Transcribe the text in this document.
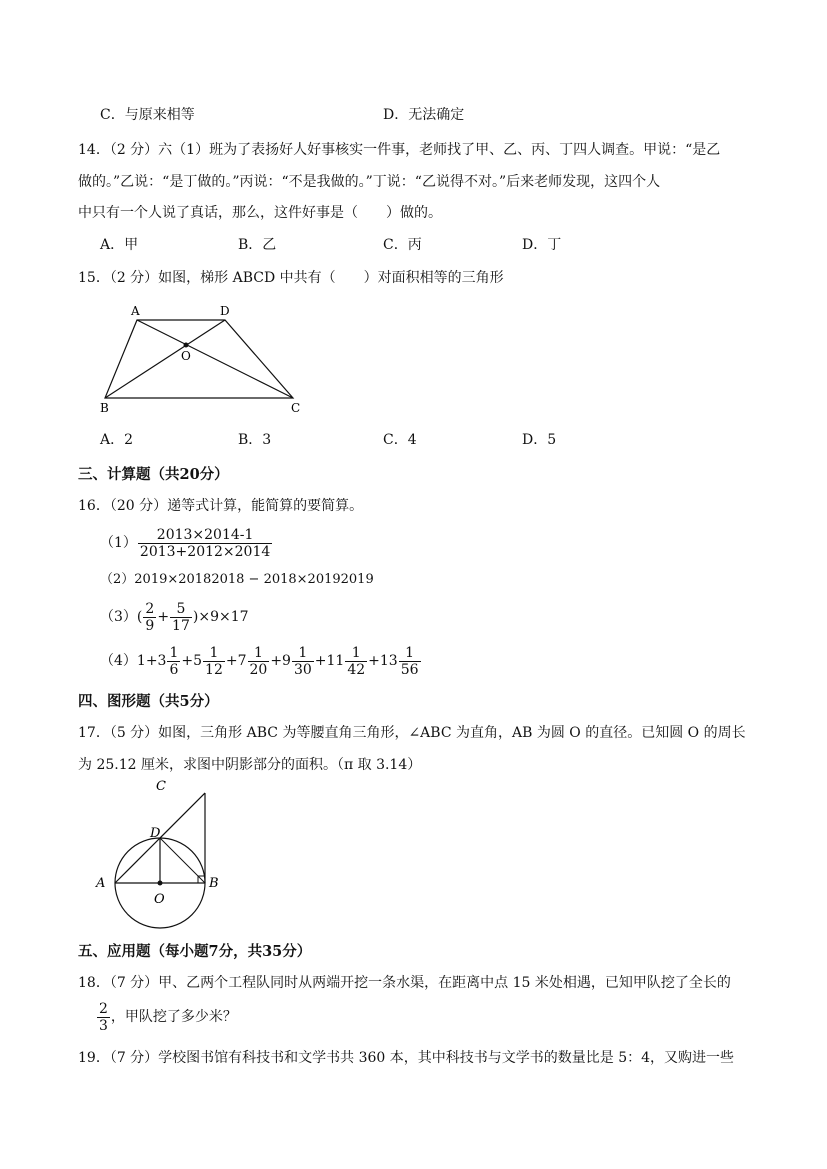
C．与原来相等	D．无法确定
14．（2 分）六（1）班为了表扬好人好事核实一件事，老师找了甲、乙、丙、丁四人调查。甲说：“是乙
做的。”乙说：“是丁做的。”丙说：“不是我做的。”丁说：“乙说得不对。”后来老师发现，这四个人
中只有一个人说了真话，那么，这件好事是（　　）做的。
A．甲	B．乙	C．丙	D．丁
15．（2 分）如图，梯形 ABCD 中共有（　　）对面积相等的三角形
A	D
O
B	C
A．2	B．3	C．4	D．5
三、计算题（共20分）
16．（20 分）递等式计算，能简算的要简算。
$(1) \frac{2013\times 2014-1}{2013+2012\times 2014}$
（2）2019×20182018 − 2018×20192019
$(3)( \frac{2}{9} + \frac{5}{17} )\times 9\times 17$
$(4)1+3 \frac{1}{6} +5 \frac{1}{12} +7 \frac{1}{20} +9 \frac{1}{30} +11 \frac{1}{42} +13 \frac{1}{56}$
四、图形题（共5分）
17．（5 分）如图，三角形 ABC 为等腰直角三角形，∠ABC 为直角，AB 为圆 O 的直径。已知圆 O 的周长
为 25.12 厘米，求图中阴影部分的面积。（π 取 3.14）
C
D
A	B
O
五、应用题（每小题7分，共35分）
18．（7 分）甲、乙两个工程队同时从两端开挖一条水渠，在距离中点 15 米处相遇，已知甲队挖了全长的
$\frac{2}{3}$ ，甲队挖了多少米？
19．（7 分）学校图书馆有科技书和文学书共 360 本，其中科技书与文学书的数量比是 5：4，又购进一些
